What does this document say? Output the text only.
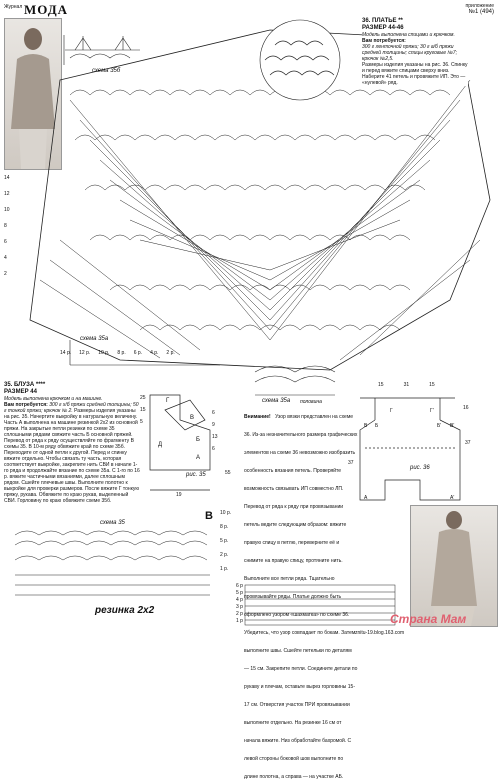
Журнал МОДА	приложение
№1 (494)
схема 35б
схема 35а
схема 35а половина
14 р. 12 р. 10 р. 8 р. 6 р. 4 р. 2 р.
14
12
10
8
6
4
2
36. ПЛАТЬЕ **
РАЗМЕР 44-46
Модель выполнена спицами и крючком.
Вам потребуется:
300 г ленточной пряжи; 30 г а/б пряжи средней толщины; спицы круговые №7; крючок №2,5.
Размеры изделия указаны на рис. 36. Спинку и перед вяжите спицами сверху вниз. Наберите 41 петель и провяжите ИП. Это — «нулевой» ряд.
35. БЛУЗА ****
РАЗМЕР 44
Модель выполнена крючком и на машине.
Вам потребуется: 300 г х/б пряжи средней толщины; 50 г тонкой пряжи; крючок № 2. Размеры изделия указаны на рис. 35. Начертите выкройку в натуральную величину. Часть А выполнена на машине резинкой 2х2 из основной пряжи. На закрытые петли резинки по схеме 35 сплошными рядами свяжите часть Б основной пряжей. Перевод от ряда к ряду осуществляйте по фрагменту В схемы 35. В 10-м ряду обвяжите край по схеме 35б. Переходите от одной петли к другой. Перед и спинку вяжите отдельно. Чтобы связать ту часть, которая соответствует выкройке, закрепите нить СВИ в начале 1-го ряда и продолжайте вязание по схеме 35а. С 1-го по 16 р. вяжите частичными вязаниями, далее сплошным рядом. Сшейте плечевые швы. Выполните полотно к выкройке для проверки размеров. После вяжите Г тонкую пряжу, рукава. Обвяжите по краю рукав, выделенный СВИ. Горловину по краю обвяжите схеме 35б.
Внимание! Узор вязки представлен на схеме 36. Из-за незначительного размера графических элементов на схеме 36 невозможно изобразить особенность вязания петель. Проверяйте возможность связывать ИП совместно ЛП. Перевод от ряда к ряду при провязывании петель ведите следующим образом: вяжите правую спицу в петлю, переверните её и снимите на правую спицу, протяните нить. Выполните все петли ряда. Тщательно провязывайте ряды. Платье должно быть оформлено узором «шахматка» по схеме 36. Убедитесь, что узор совпадает по бокам. Затем выполните швы. Сшейте петельки по деталям — 15 см. Закрепите петли. Соедините детали по рукаву и плечам, оставьте вырез горловины 15-17 см. Отверстия участок ПРИ провязывании выполните отдельно. На резинке 16 см от начала вяжите. Низ обработайте бахромой. С левой стороны боковой шов выполните по длине полотна, а справа — на участке АБ.
рис. 35
А
Б
В
Г
Д
25
15
5
6
9
13
6
19
55
рис. 36
15	31	15
16
37
37
В Б
А
Г	Г'
Б' В'
А'
схема 35
В 10 р.
8 р.
5 р.
2 р.
1 р.
резинка 2х2
6 р
5 р
4 р
3 р
2 р
1 р	Страна Мам
znitu-19.blog.163.com
